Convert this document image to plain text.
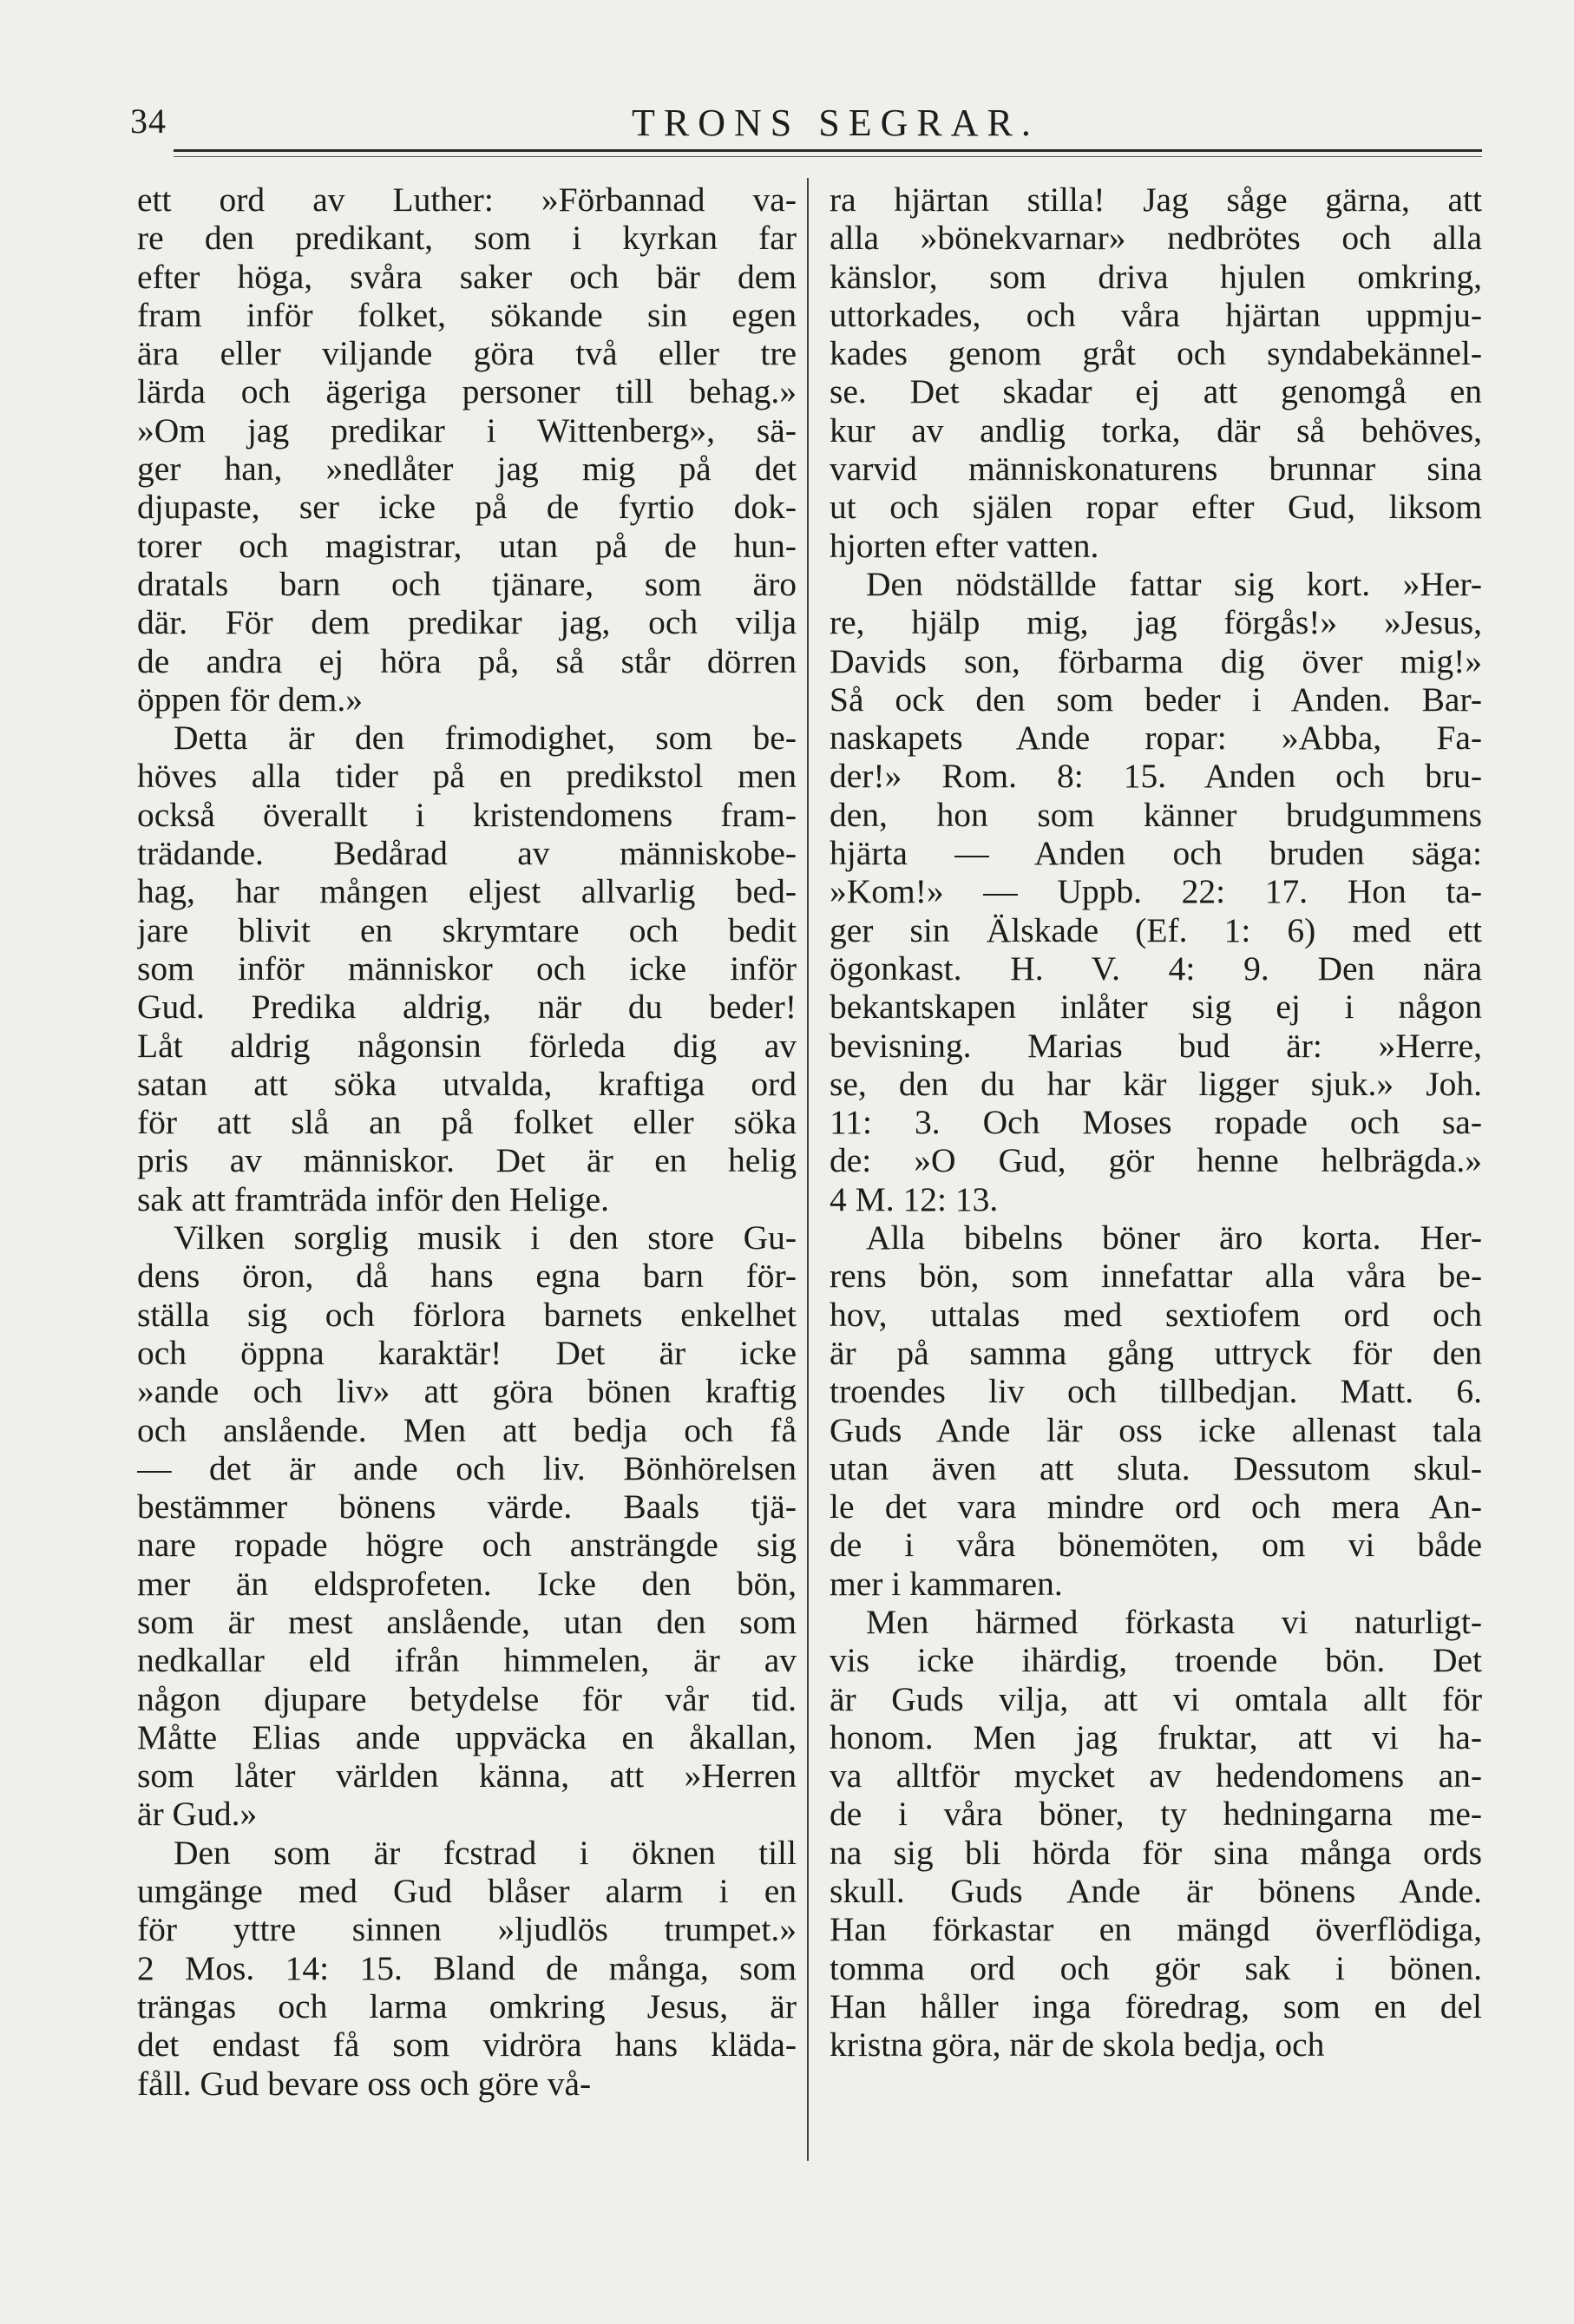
34	TRONS SEGRAR.
ett ord av Luther: »Förbannad va-
re den predikant, som i kyrkan far
efter höga, svåra saker och bär dem
fram inför folket, sökande sin egen
ära eller viljande göra två eller tre
lärda och ägeriga personer till behag.»
»Om jag predikar i Wittenberg», sä-
ger han, »nedlåter jag mig på det
djupaste, ser icke på de fyrtio dok-
torer och magistrar, utan på de hun-
dratals barn och tjänare, som äro
där. För dem predikar jag, och vilja
de andra ej höra på, så står dörren
öppen för dem.»
Detta är den frimodighet, som be-
höves alla tider på en predikstol men
också överallt i kristendomens fram-
trädande. Bedårad av människobe-
hag, har mången eljest allvarlig bed-
jare blivit en skrymtare och bedit
som inför människor och icke inför
Gud. Predika aldrig, när du beder!
Låt aldrig någonsin förleda dig av
satan att söka utvalda, kraftiga ord
för att slå an på folket eller söka
pris av människor. Det är en helig
sak att framträda inför den Helige.
Vilken sorglig musik i den store Gu-
dens öron, då hans egna barn för-
ställa sig och förlora barnets enkelhet
och öppna karaktär! Det är icke
»ande och liv» att göra bönen kraftig
och anslående. Men att bedja och få
— det är ande och liv. Bönhörelsen
bestämmer bönens värde. Baals tjä-
nare ropade högre och ansträngde sig
mer än eldsprofeten. Icke den bön,
som är mest anslående, utan den som
nedkallar eld ifrån himmelen, är av
någon djupare betydelse för vår tid.
Måtte Elias ande uppväcka en åkallan,
som låter världen känna, att »Herren
är Gud.»
Den som är fcstrad i öknen till
umgänge med Gud blåser alarm i en
för yttre sinnen »ljudlös trumpet.»
2 Mos. 14: 15. Bland de många, som
trängas och larma omkring Jesus, är
det endast få som vidröra hans kläda-
fåll. Gud bevare oss och göre vå-
ra hjärtan stilla! Jag såge gärna, att
alla »bönekvarnar» nedbrötes och alla
känslor, som driva hjulen omkring,
uttorkades, och våra hjärtan uppmju-
kades genom gråt och syndabekännel-
se. Det skadar ej att genomgå en
kur av andlig torka, där så behöves,
varvid människonaturens brunnar sina
ut och själen ropar efter Gud, liksom
hjorten efter vatten.
Den nödställde fattar sig kort. »Her-
re, hjälp mig, jag förgås!» »Jesus,
Davids son, förbarma dig över mig!»
Så ock den som beder i Anden. Bar-
naskapets Ande ropar: »Abba, Fa-
der!» Rom. 8: 15. Anden och bru-
den, hon som känner brudgummens
hjärta — Anden och bruden säga:
»Kom!» — Uppb. 22: 17. Hon ta-
ger sin Älskade (Ef. 1: 6) med ett
ögonkast. H. V. 4: 9. Den nära
bekantskapen inlåter sig ej i någon
bevisning. Marias bud är: »Herre,
se, den du har kär ligger sjuk.» Joh.
11: 3. Och Moses ropade och sa-
de: »O Gud, gör henne helbrägda.»
4 M. 12: 13.
Alla bibelns böner äro korta. Her-
rens bön, som innefattar alla våra be-
hov, uttalas med sextiofem ord och
är på samma gång uttryck för den
troendes liv och tillbedjan. Matt. 6.
Guds Ande lär oss icke allenast tala
utan även att sluta. Dessutom skul-
le det vara mindre ord och mera An-
de i våra bönemöten, om vi både
mer i kammaren.
Men härmed förkasta vi naturligt-
vis icke ihärdig, troende bön. Det
är Guds vilja, att vi omtala allt för
honom. Men jag fruktar, att vi ha-
va alltför mycket av hedendomens an-
de i våra böner, ty hedningarna me-
na sig bli hörda för sina många ords
skull. Guds Ande är bönens Ande.
Han förkastar en mängd överflödiga,
tomma ord och gör sak i bönen.
Han håller inga föredrag, som en del
kristna göra, när de skola bedja, och
